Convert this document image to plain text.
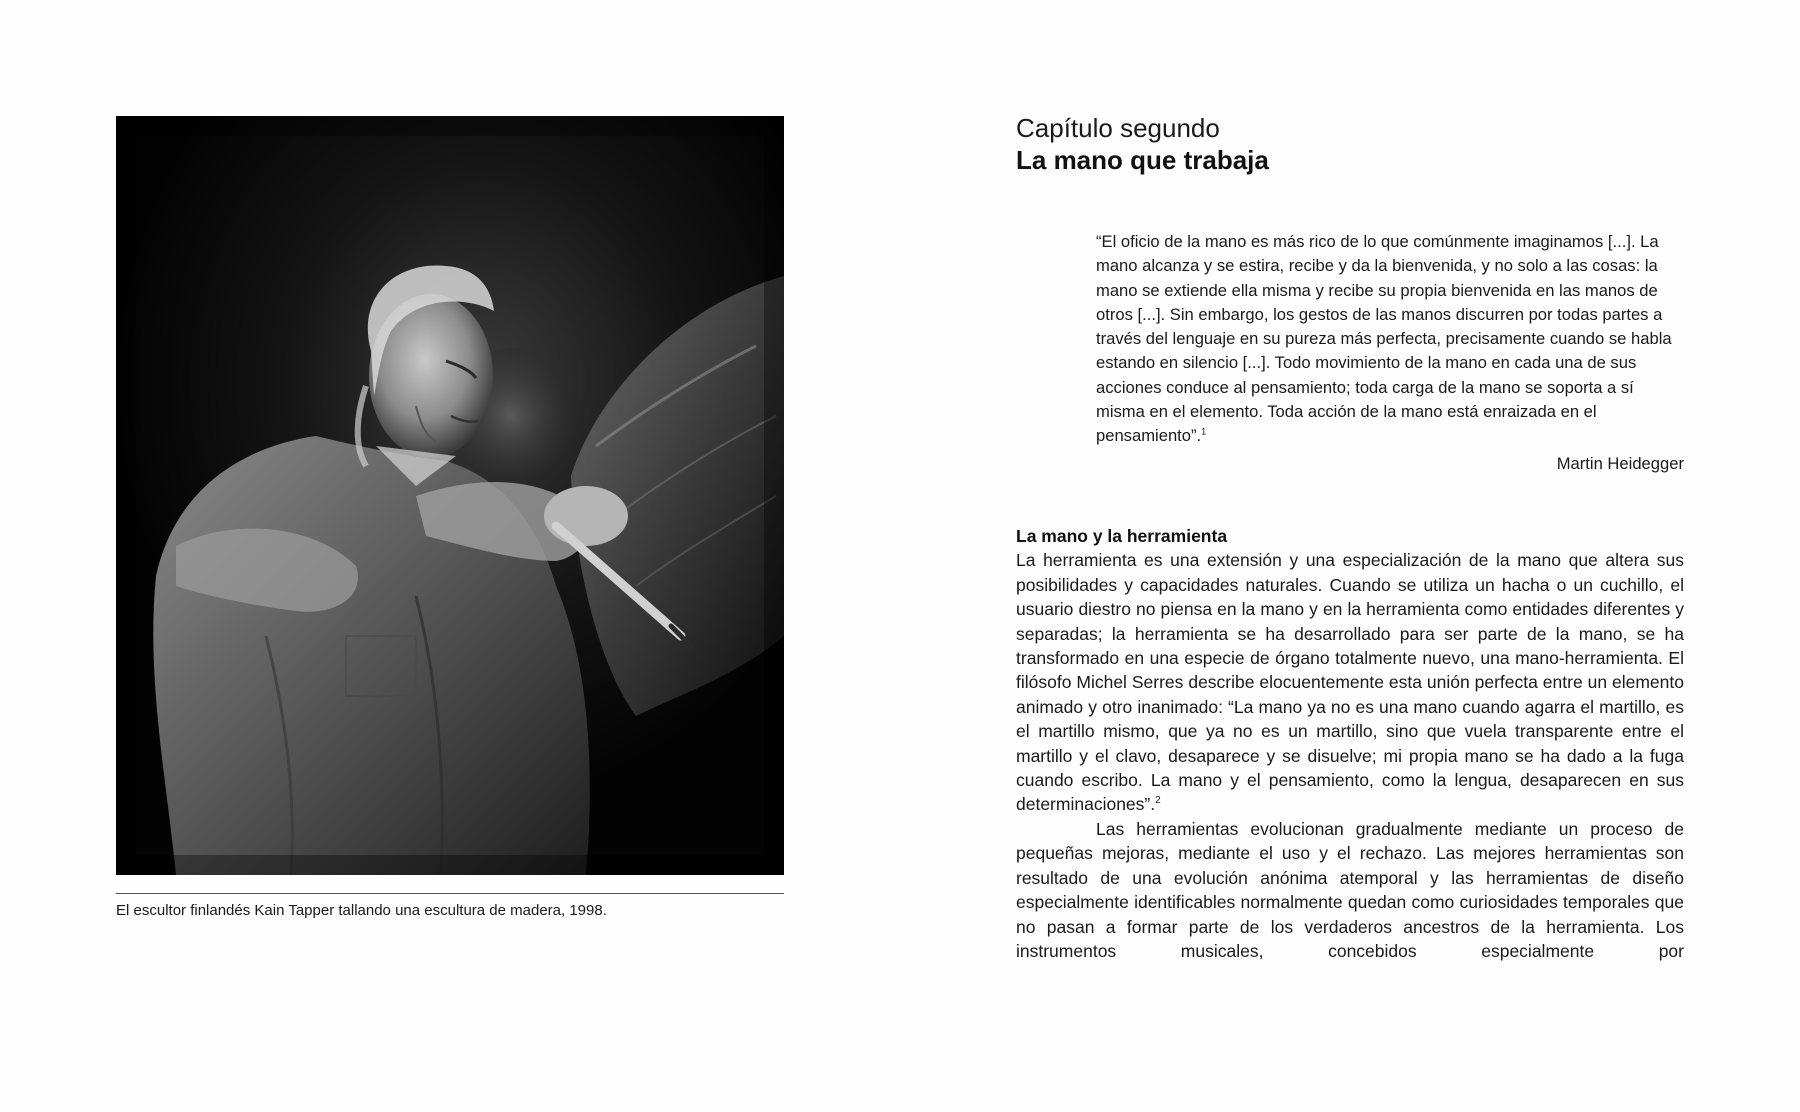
El escultor finlandés Kain Tapper tallando una escultura de madera, 1998.

Capítulo segundo

La mano que trabaja

“El oficio de la mano es más rico de lo que comúnmente imaginamos [...]. La mano alcanza y se estira, recibe y da la bienvenida, y no solo a las cosas: la mano se extiende ella misma y recibe su propia bienvenida en las manos de otros [...]. Sin embargo, los gestos de las manos discurren por todas partes a través del lenguaje en su pureza más perfecta, precisamente cuando se habla estando en silencio [...]. Todo movimiento de la mano en cada una de sus acciones conduce al pensamiento; toda carga de la mano se soporta a sí misma en el elemento. Toda acción de la mano está enraizada en el pensamiento”.$^1$

Martin Heidegger

La mano y la herramienta

La herramienta es una extensión y una especialización de la mano que altera sus posibilidades y capacidades naturales. Cuando se utiliza un hacha o un cuchillo, el usuario diestro no piensa en la mano y en la herramienta como entidades diferentes y separadas; la herramienta se ha desarrollado para ser parte de la mano, se ha transformado en una especie de órgano totalmente nuevo, una mano-herramienta. El filósofo Michel Serres describe elocuentemente esta unión perfecta entre un elemento animado y otro inanimado: “La mano ya no es una mano cuando agarra el martillo, es el martillo mismo, que ya no es un martillo, sino que vuela transparente entre el martillo y el clavo, desaparece y se disuelve; mi propia mano se ha dado a la fuga cuando escribo. La mano y el pensamiento, como la lengua, desaparecen en sus determinaciones”.$^2$

Las herramientas evolucionan gradualmente mediante un proceso de pequeñas mejoras, mediante el uso y el rechazo. Las mejores herramientas son resultado de una evolución anónima atemporal y las herramientas de diseño especialmente identificables normalmente quedan como curiosidades temporales que no pasan a formar parte de los verdaderos ancestros de la herramienta. Los instrumentos musicales, concebidos especialmente por
